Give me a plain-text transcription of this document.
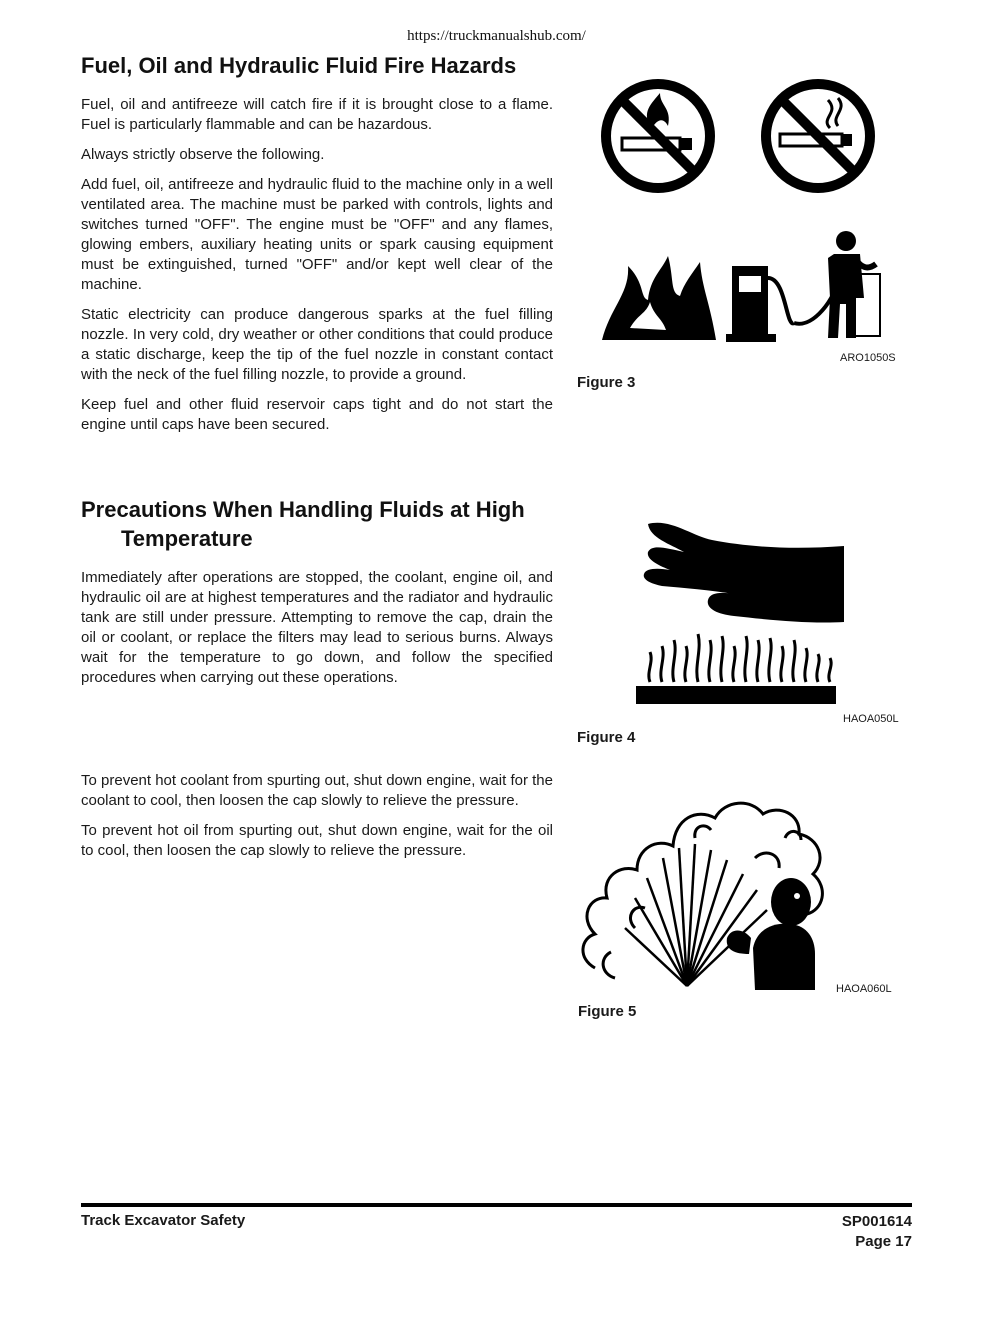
https://truckmanualshub.com/
Fuel, Oil and Hydraulic Fluid Fire Hazards

Fuel, oil and antifreeze will catch fire if it is brought close to a flame. Fuel is particularly flammable and can be hazardous.

Always strictly observe the following.

Add fuel, oil, antifreeze and hydraulic fluid to the machine only in a well ventilated area. The machine must be parked with controls, lights and switches turned "OFF". The engine must be "OFF" and any flames, glowing embers, auxiliary heating units or spark causing equipment must be extinguished, turned "OFF" and/or kept well clear of the machine.

Static electricity can produce dangerous sparks at the fuel filling nozzle. In very cold, dry weather or other conditions that could produce a static discharge, keep the tip of the fuel nozzle in constant contact with the neck of the fuel filling nozzle, to provide a ground.

Keep fuel and other fluid reservoir caps tight and do not start the engine until caps have been secured.

ARO1050S
Figure 3
Precautions When Handling Fluids at High
Temperature

Immediately after operations are stopped, the coolant, engine oil, and hydraulic oil are at highest temperatures and the radiator and hydraulic tank are still under pressure. Attempting to remove the cap, drain the oil or coolant, or replace the filters may lead to serious burns. Always wait for the temperature to go down, and follow the specified procedures when carrying out these operations.

To prevent hot coolant from spurting out, shut down engine, wait for the coolant to cool, then loosen the cap slowly to relieve the pressure.

To prevent hot oil from spurting out, shut down engine, wait for the oil to cool, then loosen the cap slowly to relieve the pressure.

HAOA050L
Figure 4
HAOA060L
Figure 5
Track Excavator Safety	SP001614
Page 17
